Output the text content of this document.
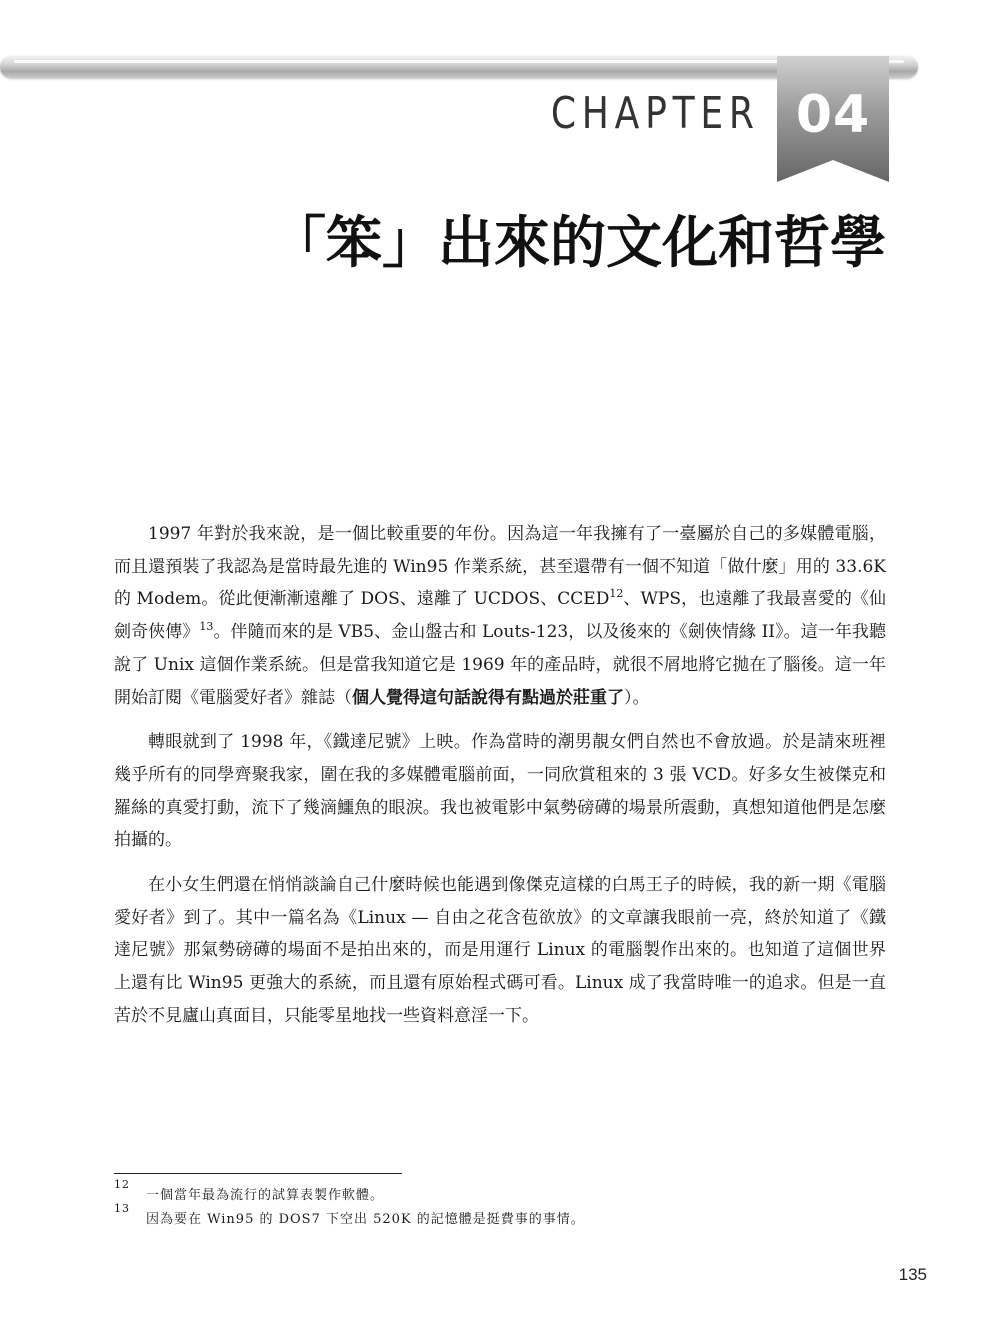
04
CHAPTER
「笨」出來的文化和哲學

1997 年對於我來說，是一個比較重要的年份。因為這一年我擁有了一臺屬於自己的多媒體電腦，而且還預裝了我認為是當時最先進的 Win95 作業系統，甚至還帶有一個不知道「做什麼」用的 33.6K 的 Modem。從此便漸漸遠離了 DOS、遠離了 UCDOS、CCED$^{12}$、WPS，也遠離了我最喜愛的《仙劍奇俠傳》$^{13}$。伴隨而來的是 VB5、金山盤古和 Louts-123，以及後來的《劍俠情緣 II》。這一年我聽說了 Unix 這個作業系統。但是當我知道它是 1969 年的產品時，就很不屑地將它拋在了腦後。這一年開始訂閱《電腦愛好者》雜誌（個人覺得這句話說得有點過於莊重了）。

轉眼就到了 1998 年，《鐵達尼號》上映。作為當時的潮男靚女們自然也不會放過。於是請來班裡幾乎所有的同學齊聚我家，圍在我的多媒體電腦前面，一同欣賞租來的 3 張 VCD。好多女生被傑克和羅絲的真愛打動，流下了幾滴鱷魚的眼淚。我也被電影中氣勢磅礡的場景所震動，真想知道他們是怎麼拍攝的。

在小女生們還在悄悄談論自己什麼時候也能遇到像傑克這樣的白馬王子的時候，我的新一期《電腦愛好者》到了。其中一篇名為《Linux — 自由之花含苞欲放》的文章讓我眼前一亮，終於知道了《鐵達尼號》那氣勢磅礡的場面不是拍出來的，而是用運行 Linux 的電腦製作出來的。也知道了這個世界上還有比 Win95 更強大的系統，而且還有原始程式碼可看。Linux 成了我當時唯一的追求。但是一直苦於不見廬山真面目，只能零星地找一些資料意淫一下。

12
一個當年最為流行的試算表製作軟體。
13
因為要在 Win95 的 DOS7 下空出 520K 的記憶體是挺費事的事情。
135
